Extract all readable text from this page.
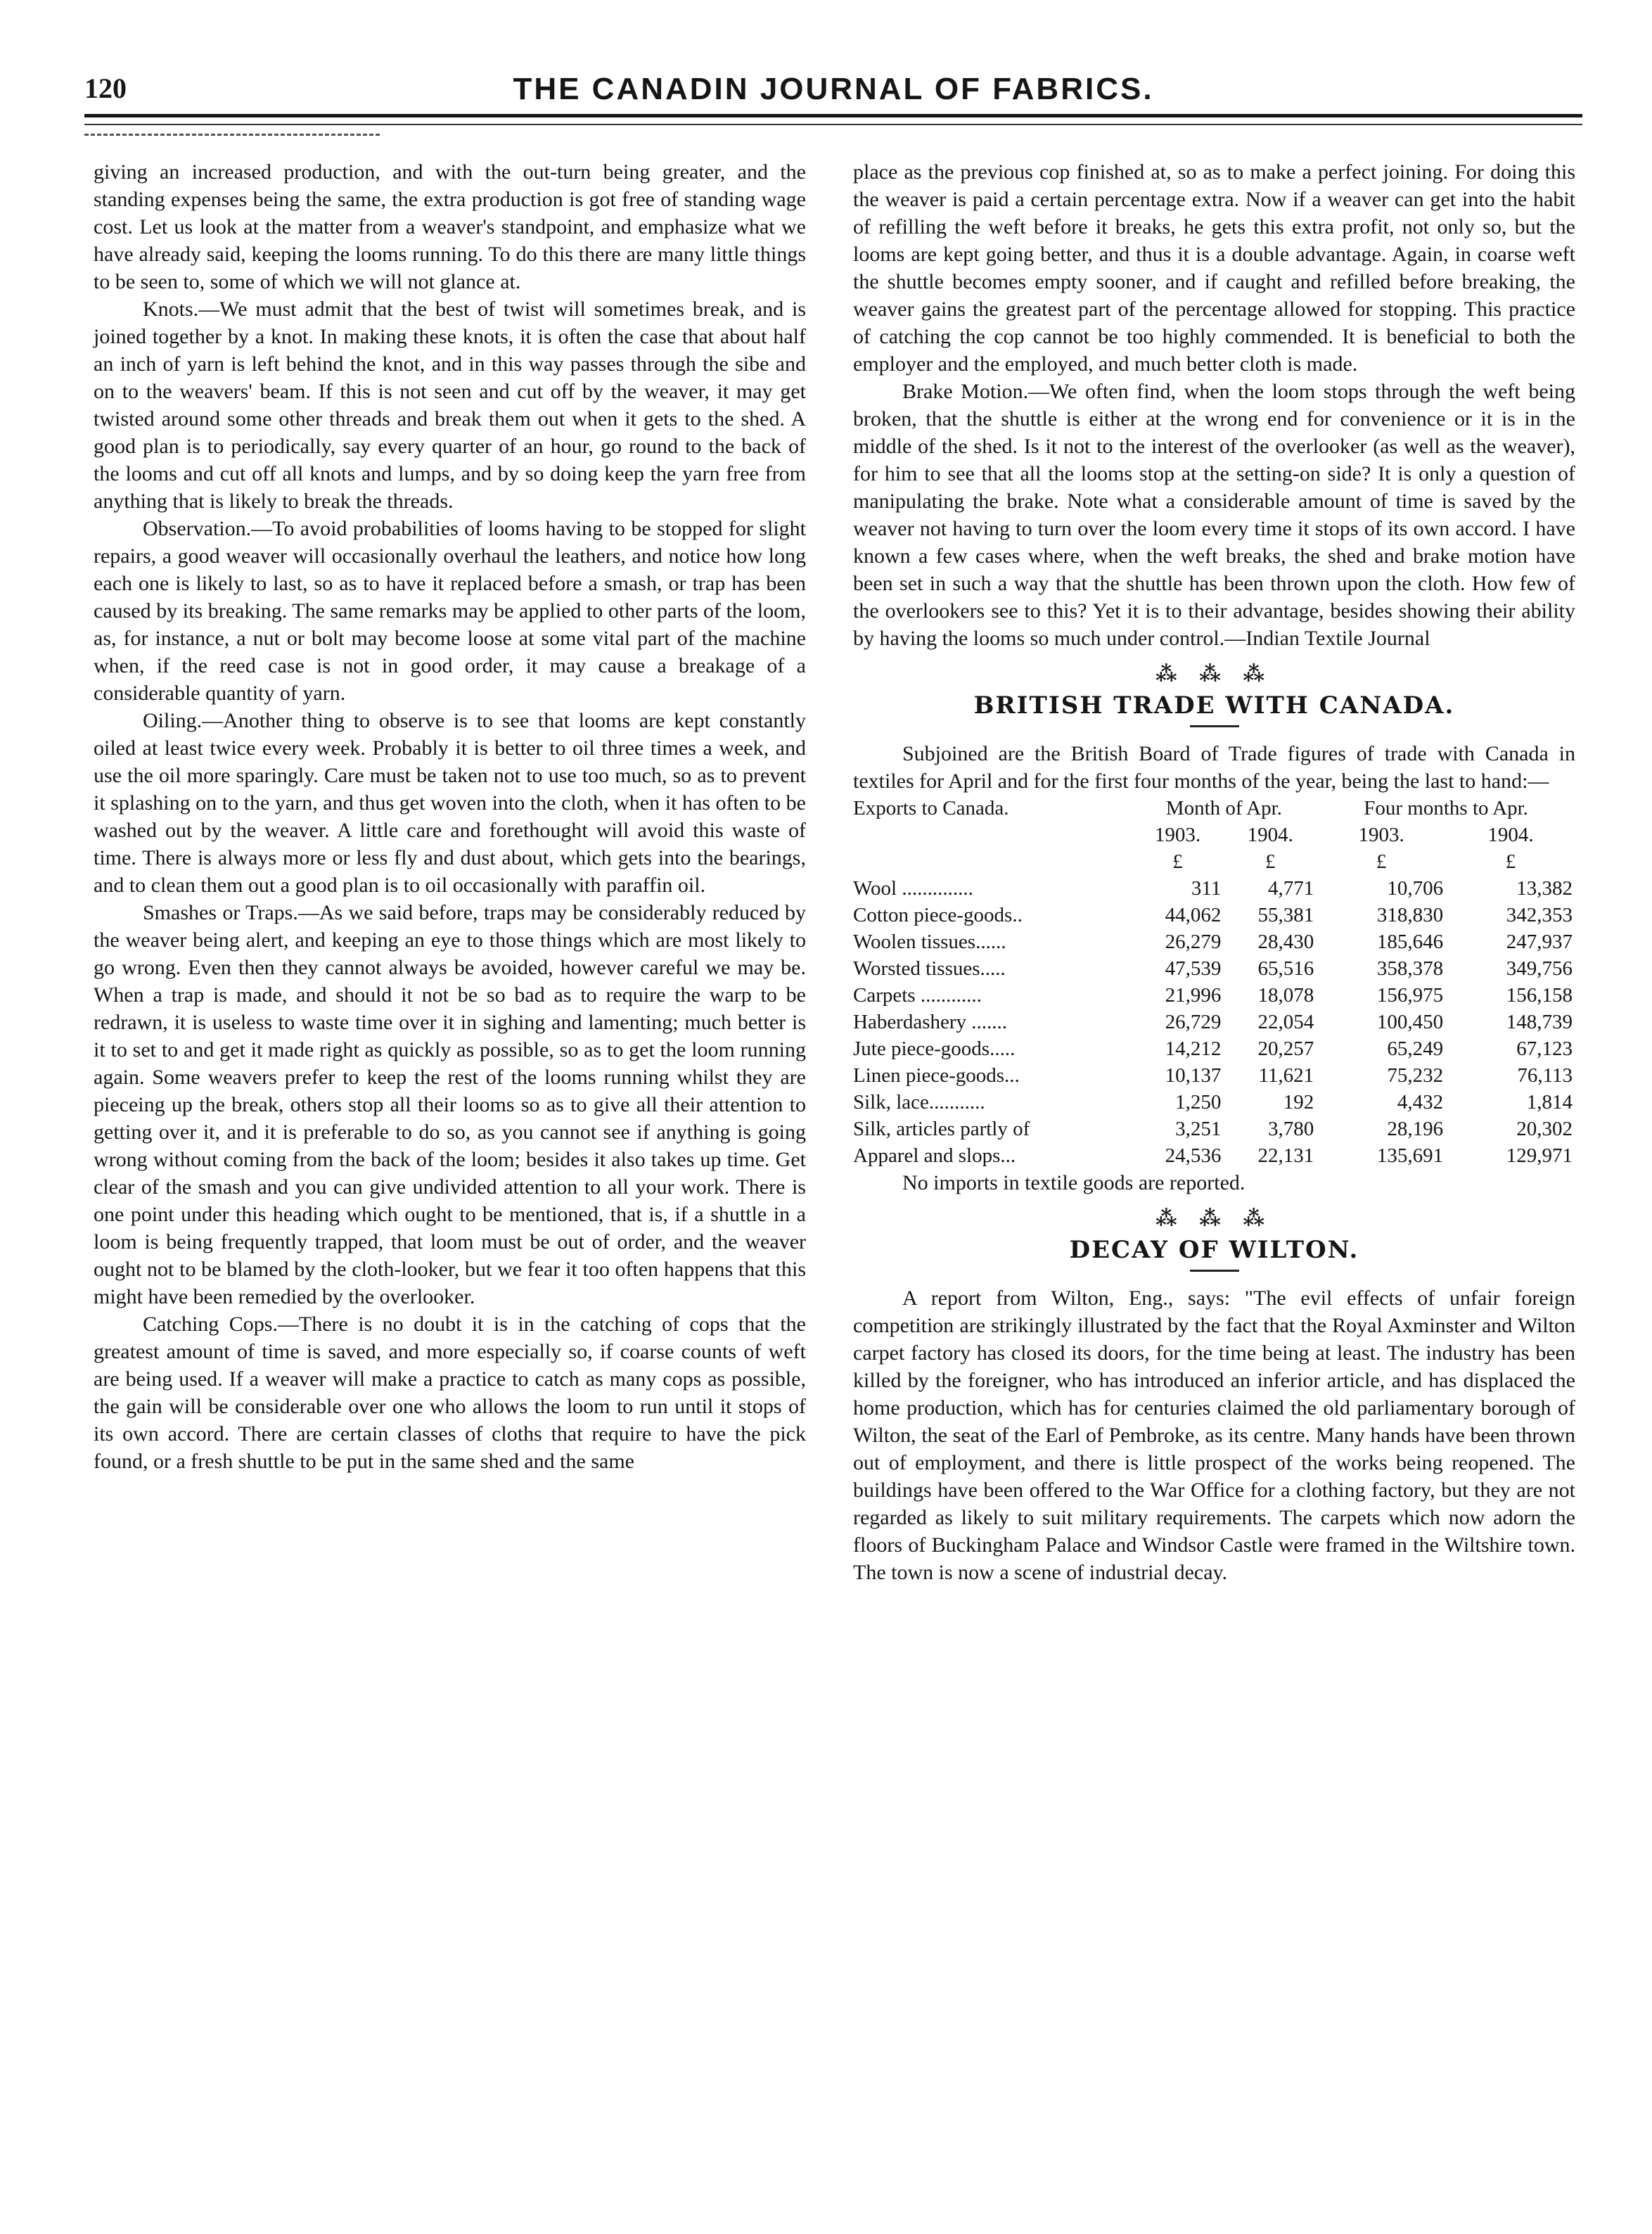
120	THE CANADIN JOURNAL OF FABRICS.

giving an increased production, and with the out-turn being greater, and the standing expenses being the same, the extra production is got free of standing wage cost. Let us look at the matter from a weaver's standpoint, and emphasize what we have already said, keeping the looms running. To do this there are many little things to be seen to, some of which we will not glance at.

Knots.—We must admit that the best of twist will sometimes break, and is joined together by a knot. In making these knots, it is often the case that about half an inch of yarn is left behind the knot, and in this way passes through the sibe and on to the weavers' beam. If this is not seen and cut off by the weaver, it may get twisted around some other threads and break them out when it gets to the shed. A good plan is to periodically, say every quarter of an hour, go round to the back of the looms and cut off all knots and lumps, and by so doing keep the yarn free from anything that is likely to break the threads.

Observation.—To avoid probabilities of looms having to be stopped for slight repairs, a good weaver will occasionally overhaul the leathers, and notice how long each one is likely to last, so as to have it replaced before a smash, or trap has been caused by its breaking. The same remarks may be applied to other parts of the loom, as, for instance, a nut or bolt may become loose at some vital part of the machine when, if the reed case is not in good order, it may cause a breakage of a considerable quantity of yarn.

Oiling.—Another thing to observe is to see that looms are kept constantly oiled at least twice every week. Probably it is better to oil three times a week, and use the oil more sparingly. Care must be taken not to use too much, so as to prevent it splashing on to the yarn, and thus get woven into the cloth, when it has often to be washed out by the weaver. A little care and forethought will avoid this waste of time. There is always more or less fly and dust about, which gets into the bearings, and to clean them out a good plan is to oil occasionally with paraffin oil.

Smashes or Traps.—As we said before, traps may be considerably reduced by the weaver being alert, and keeping an eye to those things which are most likely to go wrong. Even then they cannot always be avoided, however careful we may be. When a trap is made, and should it not be so bad as to require the warp to be redrawn, it is useless to waste time over it in sighing and lamenting; much better is it to set to and get it made right as quickly as possible, so as to get the loom running again. Some weavers prefer to keep the rest of the looms running whilst they are pieceing up the break, others stop all their looms so as to give all their attention to getting over it, and it is preferable to do so, as you cannot see if anything is going wrong without coming from the back of the loom; besides it also takes up time. Get clear of the smash and you can give undivided attention to all your work. There is one point under this heading which ought to be mentioned, that is, if a shuttle in a loom is being frequently trapped, that loom must be out of order, and the weaver ought not to be blamed by the cloth-looker, but we fear it too often happens that this might have been remedied by the overlooker.

Catching Cops.—There is no doubt it is in the catching of cops that the greatest amount of time is saved, and more especially so, if coarse counts of weft are being used. If a weaver will make a practice to catch as many cops as possible, the gain will be considerable over one who allows the loom to run until it stops of its own accord. There are certain classes of cloths that require to have the pick found, or a fresh shuttle to be put in the same shed and the same

place as the previous cop finished at, so as to make a perfect joining. For doing this the weaver is paid a certain percentage extra. Now if a weaver can get into the habit of refilling the weft before it breaks, he gets this extra profit, not only so, but the looms are kept going better, and thus it is a double advantage. Again, in coarse weft the shuttle becomes empty sooner, and if caught and refilled before breaking, the weaver gains the greatest part of the percentage allowed for stopping. This practice of catching the cop cannot be too highly commended. It is beneficial to both the employer and the employed, and much better cloth is made.

Brake Motion.—We often find, when the loom stops through the weft being broken, that the shuttle is either at the wrong end for convenience or it is in the middle of the shed. Is it not to the interest of the overlooker (as well as the weaver), for him to see that all the looms stop at the setting-on side? It is only a question of manipulating the brake. Note what a considerable amount of time is saved by the weaver not having to turn over the loom every time it stops of its own accord. I have known a few cases where, when the weft breaks, the shed and brake motion have been set in such a way that the shuttle has been thrown upon the cloth. How few of the overlookers see to this? Yet it is to their advantage, besides showing their ability by having the looms so much under control.—Indian Textile Journal

⁂ ⁂ ⁂
BRITISH TRADE WITH CANADA.

Subjoined are the British Board of Trade figures of trade with Canada in textiles for April and for the first four months of the year, being the last to hand:—

Exports to Canada.	Month of Apr.		Four months to Apr.	
	1903.	1904.	1903.	1904.
	£	£	£	£
Wool ..............	311	4,771	10,706	13,382
Cotton piece-goods..	44,062	55,381	318,830	342,353
Woolen tissues......	26,279	28,430	185,646	247,937
Worsted tissues.....	47,539	65,516	358,378	349,756
Carpets ............	21,996	18,078	156,975	156,158
Haberdashery .......	26,729	22,054	100,450	148,739
Jute piece-goods.....	14,212	20,257	65,249	67,123
Linen piece-goods...	10,137	11,621	75,232	76,113
Silk, lace...........	1,250	192	4,432	1,814
Silk, articles partly of	3,251	3,780	28,196	20,302
Apparel and slops...	24,536	22,131	135,691	129,971

No imports in textile goods are reported.

⁂ ⁂ ⁂
DECAY OF WILTON.

A report from Wilton, Eng., says: "The evil effects of unfair foreign competition are strikingly illustrated by the fact that the Royal Axminster and Wilton carpet factory has closed its doors, for the time being at least. The industry has been killed by the foreigner, who has introduced an inferior article, and has displaced the home production, which has for centuries claimed the old parliamentary borough of Wilton, the seat of the Earl of Pembroke, as its centre. Many hands have been thrown out of employment, and there is little prospect of the works being reopened. The buildings have been offered to the War Office for a clothing factory, but they are not regarded as likely to suit military requirements. The carpets which now adorn the floors of Buckingham Palace and Windsor Castle were framed in the Wiltshire town. The town is now a scene of industrial decay.
